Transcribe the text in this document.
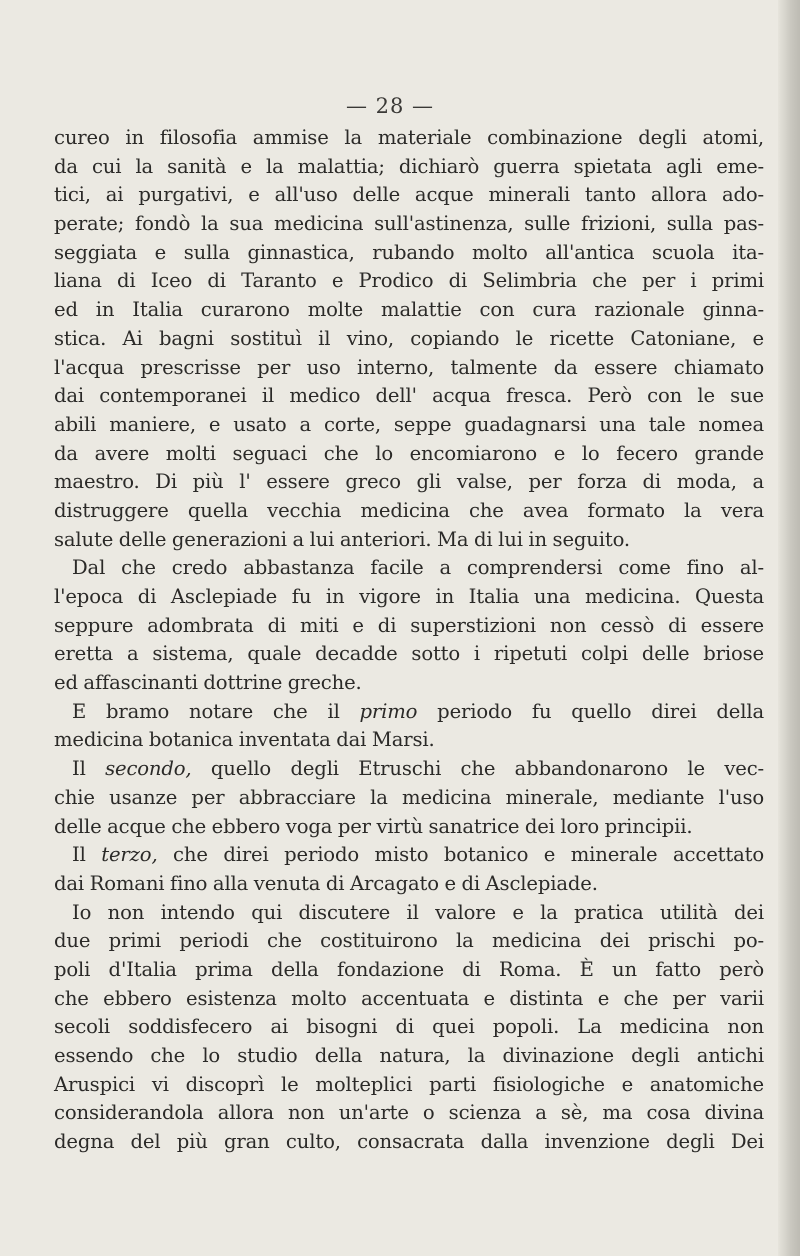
— 28 —
cureo in filosofia ammise la materiale combinazione degli atomi,
da cui la sanità e la malattia; dichiarò guerra spietata agli eme-
tici, ai purgativi, e all'uso delle acque minerali tanto allora ado-
perate; fondò la sua medicina sull'astinenza, sulle frizioni, sulla pas-
seggiata e sulla ginnastica, rubando molto all'antica scuola ita-
liana di Iceo di Taranto e Prodico di Selimbria che per i primi
ed in Italia curarono molte malattie con cura razionale ginna-
stica. Ai bagni sostituì il vino, copiando le ricette Catoniane, e
l'acqua prescrisse per uso interno, talmente da essere chiamato
dai contemporanei il medico dell' acqua fresca. Però con le sue
abili maniere, e usato a corte, seppe guadagnarsi una tale nomea
da avere molti seguaci che lo encomiarono e lo fecero grande
maestro. Di più l' essere greco gli valse, per forza di moda, a
distruggere quella vecchia medicina che avea formato la vera
salute delle generazioni a lui anteriori. Ma di lui in seguito.
Dal che credo abbastanza facile a comprendersi come fino al-
l'epoca di Asclepiade fu in vigore in Italia una medicina. Questa
seppure adombrata di miti e di superstizioni non cessò di essere
eretta a sistema, quale decadde sotto i ripetuti colpi delle briose
ed affascinanti dottrine greche.
E bramo notare che il primo periodo fu quello direi della
medicina botanica inventata dai Marsi.
Il secondo, quello degli Etruschi che abbandonarono le vec-
chie usanze per abbracciare la medicina minerale, mediante l'uso
delle acque che ebbero voga per virtù sanatrice dei loro principii.
Il terzo, che direi periodo misto botanico e minerale accettato
dai Romani fino alla venuta di Arcagato e di Asclepiade.
Io non intendo qui discutere il valore e la pratica utilità dei
due primi periodi che costituirono la medicina dei prischi po-
poli d'Italia prima della fondazione di Roma. È un fatto però
che ebbero esistenza molto accentuata e distinta e che per varii
secoli soddisfecero ai bisogni di quei popoli. La medicina non
essendo che lo studio della natura, la divinazione degli antichi
Aruspici vi discoprì le molteplici parti fisiologiche e anatomiche
considerandola allora non un'arte o scienza a sè, ma cosa divina
degna del più gran culto, consacrata dalla invenzione degli Dei
